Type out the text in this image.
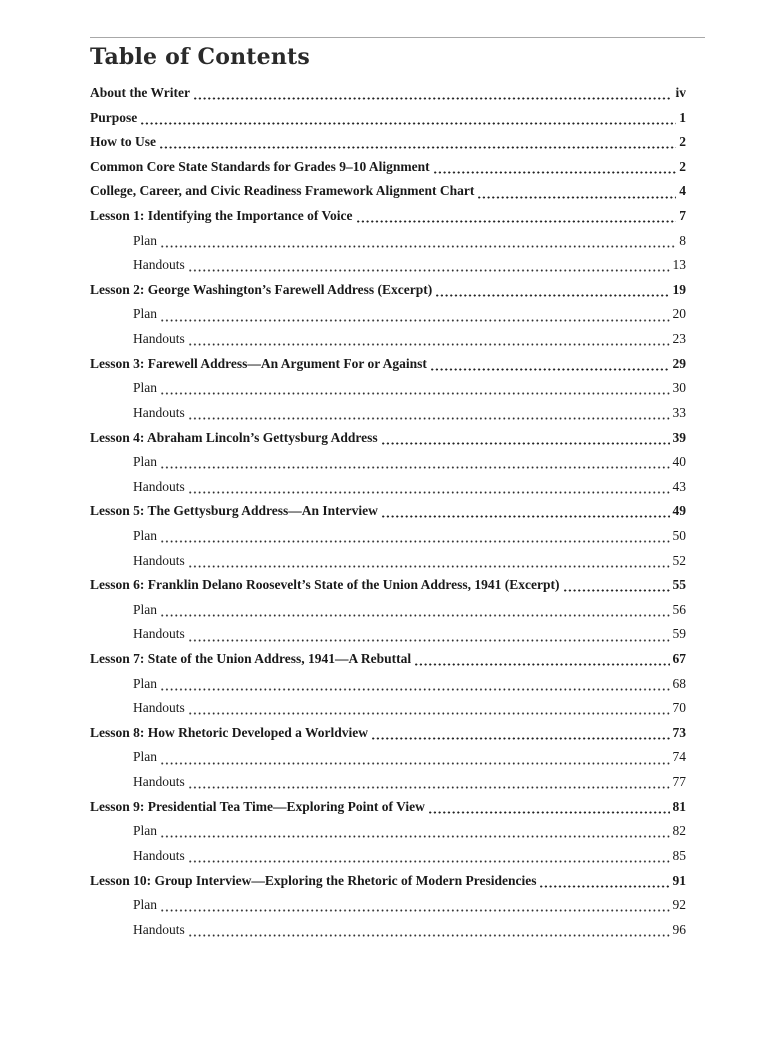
Table of Contents
About the Writer	iv
Purpose	1
How to Use	2
Common Core State Standards for Grades 9–10 Alignment	2
College, Career, and Civic Readiness Framework Alignment Chart	4
Lesson 1: Identifying the Importance of Voice	7
Plan	8
Handouts	13
Lesson 2: George Washington’s Farewell Address (Excerpt)	19
Plan	20
Handouts	23
Lesson 3: Farewell Address—An Argument For or Against	29
Plan	30
Handouts	33
Lesson 4: Abraham Lincoln’s Gettysburg Address	39
Plan	40
Handouts	43
Lesson 5: The Gettysburg Address—An Interview	49
Plan	50
Handouts	52
Lesson 6: Franklin Delano Roosevelt’s State of the Union Address, 1941 (Excerpt)	55
Plan	56
Handouts	59
Lesson 7: State of the Union Address, 1941—A Rebuttal	67
Plan	68
Handouts	70
Lesson 8: How Rhetoric Developed a Worldview	73
Plan	74
Handouts	77
Lesson 9: Presidential Tea Time—Exploring Point of View	81
Plan	82
Handouts	85
Lesson 10: Group Interview—Exploring the Rhetoric of Modern Presidencies	91
Plan	92
Handouts	96
